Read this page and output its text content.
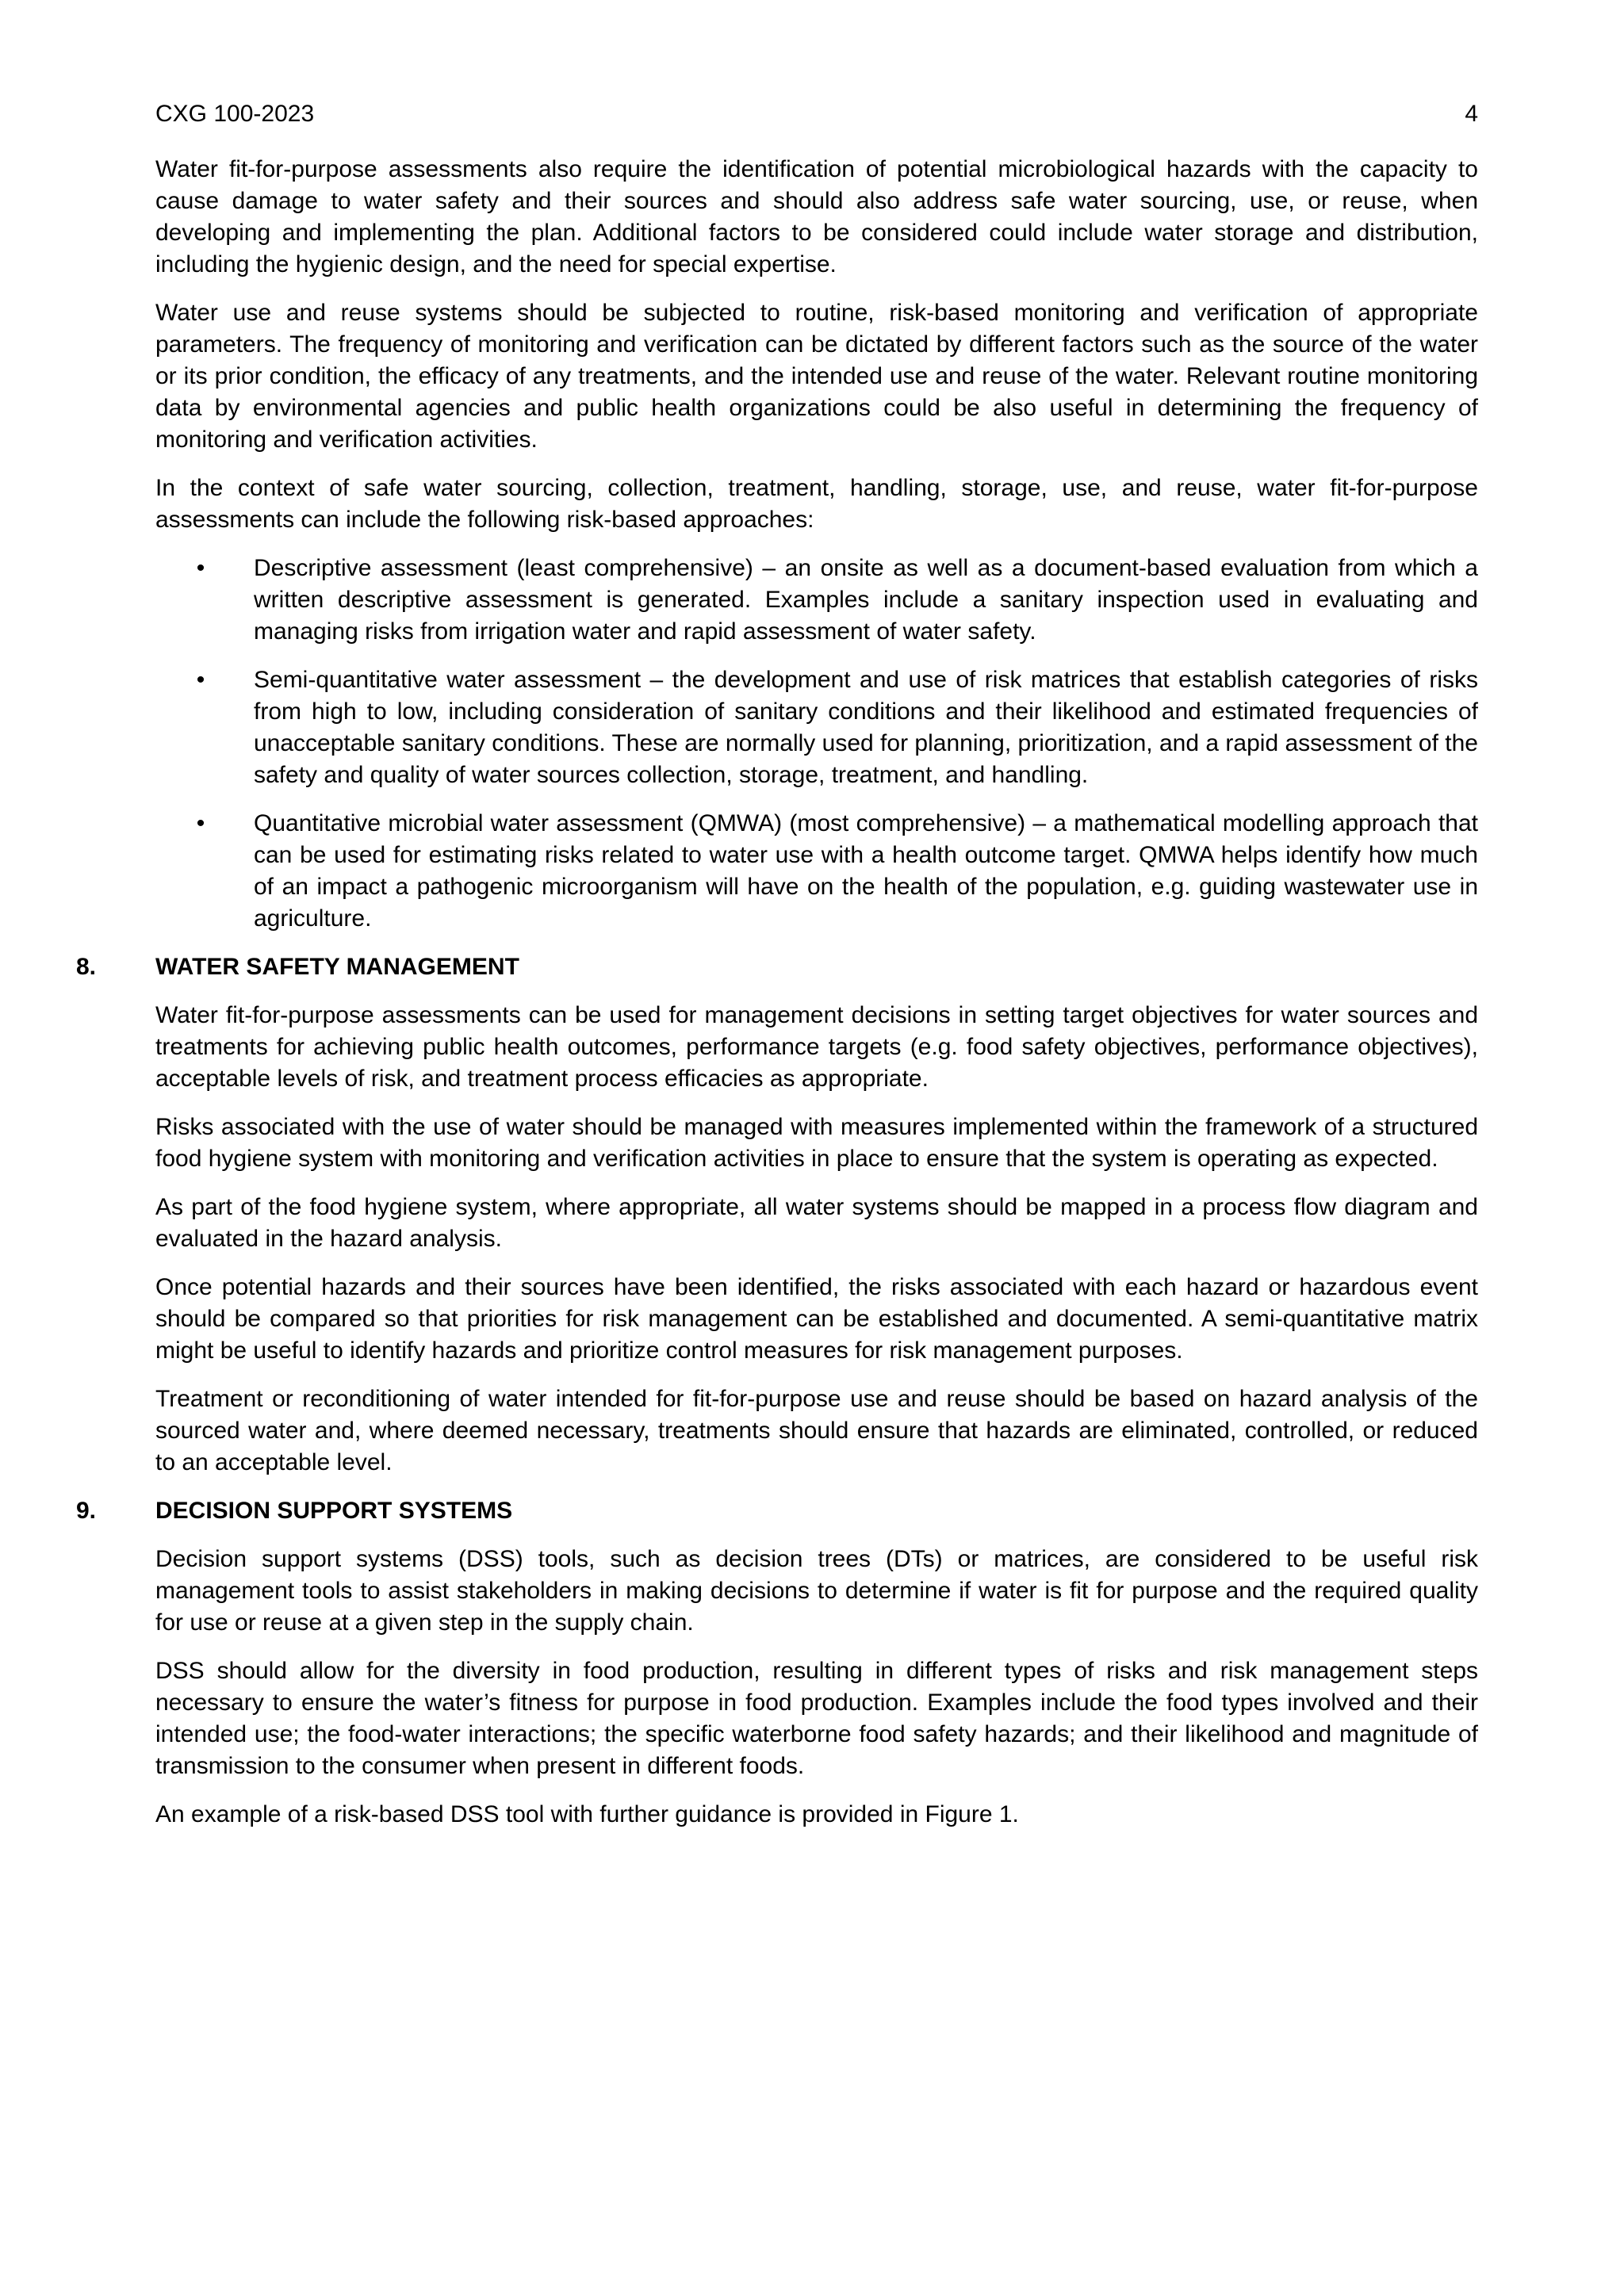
CXG 100-2023	4

Water fit-for-purpose assessments also require the identification of potential microbiological hazards with the capacity to cause damage to water safety and their sources and should also address safe water sourcing, use, or reuse, when developing and implementing the plan. Additional factors to be considered could include water storage and distribution, including the hygienic design, and the need for special expertise.

Water use and reuse systems should be subjected to routine, risk-based monitoring and verification of appropriate parameters. The frequency of monitoring and verification can be dictated by different factors such as the source of the water or its prior condition, the efficacy of any treatments, and the intended use and reuse of the water. Relevant routine monitoring data by environmental agencies and public health organizations could be also useful in determining the frequency of monitoring and verification activities.

In the context of safe water sourcing, collection, treatment, handling, storage, use, and reuse, water fit-for-purpose assessments can include the following risk-based approaches:

• Descriptive assessment (least comprehensive) – an onsite as well as a document-based evaluation from which a written descriptive assessment is generated. Examples include a sanitary inspection used in evaluating and managing risks from irrigation water and rapid assessment of water safety.
• Semi-quantitative water assessment – the development and use of risk matrices that establish categories of risks from high to low, including consideration of sanitary conditions and their likelihood and estimated frequencies of unacceptable sanitary conditions. These are normally used for planning, prioritization, and a rapid assessment of the safety and quality of water sources collection, storage, treatment, and handling.
• Quantitative microbial water assessment (QMWA) (most comprehensive) – a mathematical modelling approach that can be used for estimating risks related to water use with a health outcome target. QMWA helps identify how much of an impact a pathogenic microorganism will have on the health of the population, e.g. guiding wastewater use in agriculture.
8. WATER SAFETY MANAGEMENT

Water fit-for-purpose assessments can be used for management decisions in setting target objectives for water sources and treatments for achieving public health outcomes, performance targets (e.g. food safety objectives, performance objectives), acceptable levels of risk, and treatment process efficacies as appropriate.

Risks associated with the use of water should be managed with measures implemented within the framework of a structured food hygiene system with monitoring and verification activities in place to ensure that the system is operating as expected.

As part of the food hygiene system, where appropriate, all water systems should be mapped in a process flow diagram and evaluated in the hazard analysis.

Once potential hazards and their sources have been identified, the risks associated with each hazard or hazardous event should be compared so that priorities for risk management can be established and documented. A semi-quantitative matrix might be useful to identify hazards and prioritize control measures for risk management purposes.

Treatment or reconditioning of water intended for fit-for-purpose use and reuse should be based on hazard analysis of the sourced water and, where deemed necessary, treatments should ensure that hazards are eliminated, controlled, or reduced to an acceptable level.

9. DECISION SUPPORT SYSTEMS

Decision support systems (DSS) tools, such as decision trees (DTs) or matrices, are considered to be useful risk management tools to assist stakeholders in making decisions to determine if water is fit for purpose and the required quality for use or reuse at a given step in the supply chain.

DSS should allow for the diversity in food production, resulting in different types of risks and risk management steps necessary to ensure the water’s fitness for purpose in food production. Examples include the food types involved and their intended use; the food-water interactions; the specific waterborne food safety hazards; and their likelihood and magnitude of transmission to the consumer when present in different foods.

An example of a risk-based DSS tool with further guidance is provided in Figure 1.
